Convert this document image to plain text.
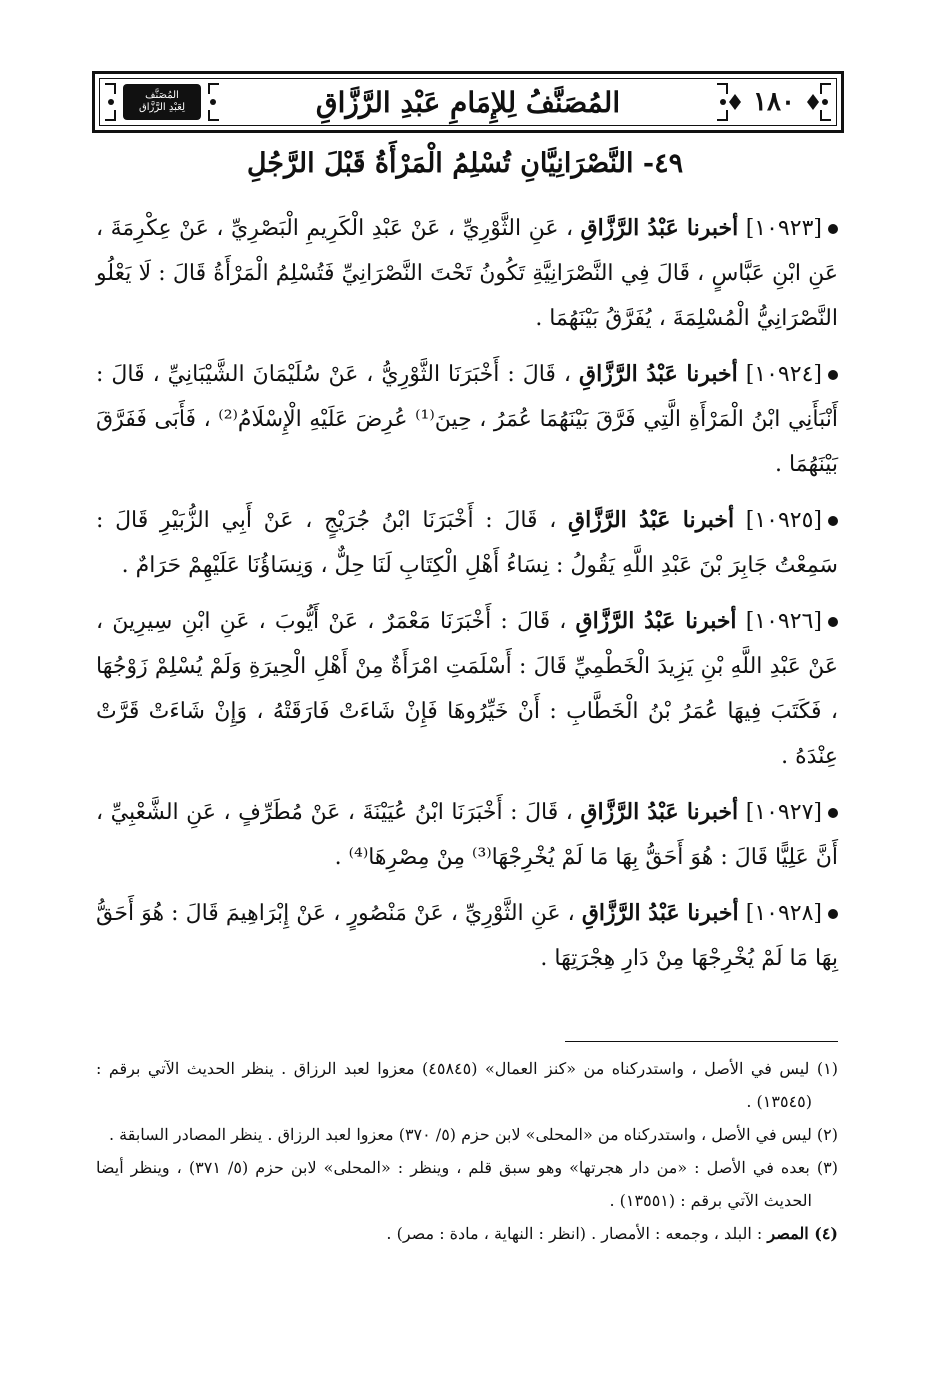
المُصَنَّف
لِعَبْدِ الرَّزَّاق	المُصَنَّفُ لِلإِمَامِ عَبْدِ الرَّزَّاقِ	١٨٠
٤٩- النَّصْرَانِيَّانِ تُسْلِمُ الْمَرْأَةُ قَبْلَ الرَّجُلِ

[١٠٩٢٣] أخبرنا عَبْدُ الرَّزَّاقِ ، عَنِ الثَّوْرِيِّ ، عَنْ عَبْدِ الْكَرِيمِ الْبَصْرِيِّ ، عَنْ عِكْرِمَةَ ، عَنِ ابْنِ عَبَّاسٍ ، قَالَ فِي النَّصْرَانِيَّةِ تَكُونُ تَحْتَ النَّصْرَانِيِّ فَتُسْلِمُ الْمَرْأَةُ قَالَ : لَا يَعْلُو النَّصْرَانِيُّ الْمُسْلِمَةَ ، يُفَرَّقُ بَيْنَهُمَا .

[١٠٩٢٤] أخبرنا عَبْدُ الرَّزَّاقِ ، قَالَ : أَخْبَرَنَا الثَّوْرِيُّ ، عَنْ سُلَيْمَانَ الشَّيْبَانِيِّ ، قَالَ : أَنْبَأَنِي ابْنُ الْمَرْأَةِ الَّتِي فَرَّقَ بَيْنَهُمَا عُمَرُ ، حِينَ⁽¹⁾ عُرِضَ عَلَيْهِ الْإِسْلَامُ⁽²⁾ ، فَأَبَى فَفَرَّقَ بَيْنَهُمَا .

[١٠٩٢٥] أخبرنا عَبْدُ الرَّزَّاقِ ، قَالَ : أَخْبَرَنَا ابْنُ جُرَيْجٍ ، عَنْ أَبِي الزُّبَيْرِ قَالَ : سَمِعْتُ جَابِرَ بْنَ عَبْدِ اللَّهِ يَقُولُ : نِسَاءُ أَهْلِ الْكِتَابِ لَنَا حِلٌّ ، وَنِسَاؤُنَا عَلَيْهِمْ حَرَامٌ .

[١٠٩٢٦] أخبرنا عَبْدُ الرَّزَّاقِ ، قَالَ : أَخْبَرَنَا مَعْمَرٌ ، عَنْ أَيُّوبَ ، عَنِ ابْنِ سِيرِينَ ، عَنْ عَبْدِ اللَّهِ بْنِ يَزِيدَ الْخَطْمِيِّ قَالَ : أَسْلَمَتِ امْرَأَةٌ مِنْ أَهْلِ الْحِيرَةِ وَلَمْ يُسْلِمْ زَوْجُهَا ، فَكَتَبَ فِيهَا عُمَرُ بْنُ الْخَطَّابِ : أَنْ خَيِّرُوهَا فَإِنْ شَاءَتْ فَارَقَتْهُ ، وَإِنْ شَاءَتْ قَرَّتْ عِنْدَهُ .

[١٠٩٢٧] أخبرنا عَبْدُ الرَّزَّاقِ ، قَالَ : أَخْبَرَنَا ابْنُ عُيَيْنَةَ ، عَنْ مُطَرِّفٍ ، عَنِ الشَّعْبِيِّ ، أَنَّ عَلِيًّا قَالَ : هُوَ أَحَقُّ بِهَا مَا لَمْ يُخْرِجْهَا⁽³⁾ مِنْ مِصْرِهَا⁽⁴⁾ .

[١٠٩٢٨] أخبرنا عَبْدُ الرَّزَّاقِ ، عَنِ الثَّوْرِيِّ ، عَنْ مَنْصُورٍ ، عَنْ إِبْرَاهِيمَ قَالَ : هُوَ أَحَقُّ بِهَا مَا لَمْ يُخْرِجْهَا مِنْ دَارِ هِجْرَتِهَا .

(١) ليس في الأصل ، واستدركناه من «كنز العمال» (٤٥٨٤٥) معزوا لعبد الرزاق . ينظر الحديث الآتي برقم : (١٣٥٤٥) .

(٢) ليس في الأصل ، واستدركناه من «المحلى» لابن حزم (٥/ ٣٧٠) معزوا لعبد الرزاق . ينظر المصادر السابقة .

(٣) بعده في الأصل : «من دار هجرتها» وهو سبق قلم ، وينظر : «المحلى» لابن حزم (٥/ ٣٧١) ، وينظر أيضا الحديث الآتي برقم : (١٣٥٥١) .

(٤) المصر : البلد ، وجمعه : الأمصار . (انظر : النهاية ، مادة : مصر) .
